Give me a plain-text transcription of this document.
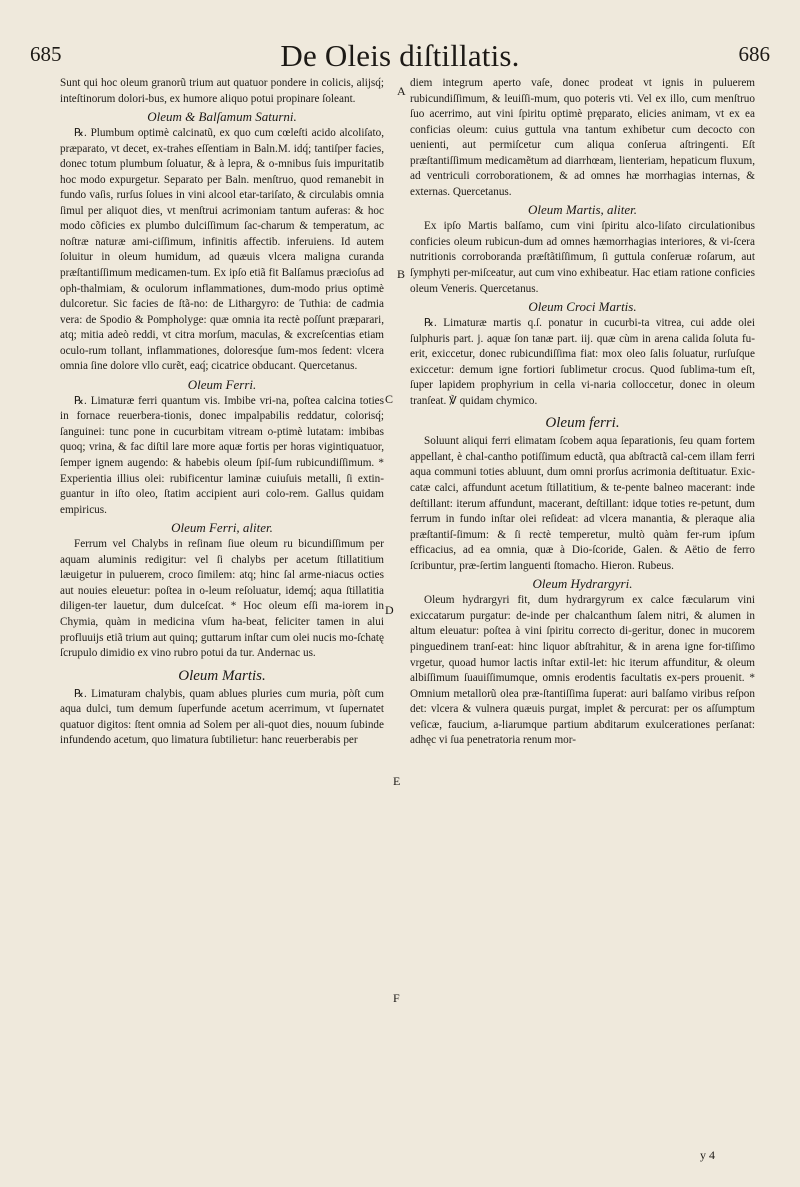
685	De Oleis diſtillatis.	686

Sunt qui hoc oleum granorũ trium aut quatuor pondere in colicis, alijsq́; inteſtinorum dolori-bus, ex humore aliquo potui propinare ſoleant.

Oleum & Balſamum Saturni.

℞. Plumbum optimè calcinatũ, ex quo cum cœleſti acido alcoliſato, præparato, vt decet, ex-trahes eſſentiam in Baln.M. idq́; tantiſper facies, donec totum plumbum ſoluatur, & à lepra, & o-mnibus ſuis impuritatib hoc modo expurgetur. Separato per Baln. menſtruo, quod remanebit in fundo vaſis, rurſus ſolues in vini alcool etar-tariſato, & circulabis omnia ſimul per aliquot dies, vt menſtrui acrimoniam tantum auferas: & hoc modo cõficies ex plumbo dulciſſimum ſac-charum & temperatum, ac noſtræ naturæ ami-ciſſimum, infinitis affectib. inferuiens. Id autem ſoluitur in oleum humidum, ad quæuis vlcera maligna curanda præſtantiſſimum medicamen-tum. Ex ipſo etiã fit Balſamus præcioſus ad oph-thalmiam, & oculorum inflammationes, dum-modo prius optimè dulcoretur. Sic facies de ſtã-no: de Lithargyro: de Tuthia: de cadmia vera: de Spodio & Pompholyge: quæ omnia ita rectè poſſunt præparari, atq; mitia adeò reddi, vt citra morſum, maculas, & excreſcentias etiam oculo-rum tollant, inflammationes, doloresq́ue ſum-mos ſedent: vlcera omnia ſine dolore vllo curẽt, eaq́; cicatrice obducant. Quercetanus.

Oleum Ferri.

℞. Limaturæ ferri quantum vis. Imbibe vri-na, poſtea calcina toties in fornace reuerbera-tionis, donec impalpabilis reddatur, colorisq́; ſanguinei: tunc pone in cucurbitam vitream o-ptimè lutatam: imbibas quoq; vrina, & fac diſtil lare more aquæ fortis per horas vigintiquatuor, ſemper ignem augendo: & habebis oleum ſpiſ-ſum rubicundiſſimum. * Experientia illius olei: rubificentur laminæ cuiuſuis metalli, ſi extin-guantur in iſto oleo, ſtatim accipient auri colo-rem. Gallus quidam empiricus.

Oleum Ferri, aliter.

Ferrum vel Chalybs in reſinam ſiue oleum ru bicundiſſimum per aquam aluminis redigitur: vel ſi chalybs per acetum ſtillatitium læuigetur in puluerem, croco ſimilem: atq; hinc ſal arme-niacus octies aut nouies eleuetur: poſtea in o-leum reſoluatur, idemq́; aqua ſtillatitia diligen-ter lauetur, dum dulceſcat. * Hoc oleum eſſi ma-iorem in Chymia, quàm in medicina vſum ha-beat, feliciter tamen in alui profluuijs etiã trium aut quinq; guttarum inſtar cum olei nucis mo-ſchatę ſcrupulo dimidio ex vino rubro potui da tur. Andernac us.

Oleum Martis.

℞. Limaturam chalybis, quam ablues pluries cum muria, pòſt cum aqua dulci, tum demum ſuperfunde acetum acerrimum, vt ſupernatet quatuor digitos: ſtent omnia ad Solem per ali-quot dies, nouum ſubinde infundendo acetum, quo limatura ſubtilietur: hanc reuerberabis per

diem integrum aperto vaſe, donec prodeat vt ignis in puluerem rubicundiſſimum, & leuiſſi-mum, quo poteris vti. Vel ex illo, cum menſtruo ſuo acerrimo, aut vini ſpiritu optimè pręparato, elicies animam, vt ex ea conficias oleum: cuius guttula vna tantum exhibetur cum decocto con uenienti, aut permiſcetur cum aliqua conſerua aſtringenti. Eſt præſtantiſſimum medicamẽtum ad diarrhœam, lienteriam, hepaticum fluxum, ad ventriculi corroborationem, & ad omnes hæ morrhagias internas, & externas. Quercetanus.

Oleum Martis, aliter.

Ex ipſo Martis balſamo, cum vini ſpiritu alco-liſato circulationibus conficies oleum rubicun-dum ad omnes hæmorrhagias interiores, & vi-ſcera nutritionis corroboranda præſtãtiſſimum, ſi guttula conſeruæ roſarum, aut ſymphyti per-miſceatur, aut cum vino exhibeatur. Hac etiam ratione conficies oleum Veneris. Quercetanus.

Oleum Croci Martis.

℞. Limaturæ martis q.ſ. ponatur in cucurbi-ta vitrea, cui adde olei ſulphuris part. j. aquæ ſon tanæ part. iij. quæ cùm in arena calida ſoluta fu-erit, exiccetur, donec rubicundiſſima fiat: mox oleo ſalis ſoluatur, rurſuſque exiccetur: demum igne fortiori ſublimetur crocus. Quod ſublima-tum eſt, ſuper lapidem prophyrium in cella vi-naria colloccetur, donec in oleum tranſeat. ℣ quidam chymico.

Oleum ferri.

Soluunt aliqui ferri elimatam ſcobem aqua ſeparationis, ſeu quam fortem appellant, è chal-cantho potiſſimum eductã, qua abſtractã cal-cem illam ferri aqua communi toties abluunt, dum omni prorſus acrimonia deſtituatur. Exic-catæ calci, affundunt acetum ſtillatitium, & te-pente balneo macerant: inde deſtillant: iterum affundunt, macerant, deſtillant: idque toties re-petunt, dum ferrum in fundo inſtar olei reſideat: ad vlcera manantia, & pleraque alia præſtantiſ-ſimum: & ſi rectè temperetur, multò quàm fer-rum ipſum efficacius, ad ea omnia, quæ à Dio-ſcoride, Galen. & Aëtio de ferro ſcribuntur, præ-ſertim languenti ſtomacho. Hieron. Rubeus.

Oleum Hydrargyri.

Oleum hydrargyri fit, dum hydrargyrum ex calce fæcularum vini exiccatarum purgatur: de-inde per chalcanthum ſalem nitri, & alumen in altum eleuatur: poſtea à vini ſpiritu correcto di-geritur, donec in mucorem pinguedinem tranſ-eat: hinc liquor abſtrahitur, & in arena igne for-tiſſimo vrgetur, quoad humor lactis inſtar extil-let: hic iterum affunditur, & oleum albiſſimum ſuauiſſimumque, omnis erodentis facultatis ex-pers prouenit. * Omnium metallorũ olea præ-ſtantiſſima ſuperat: auri balſamo viribus reſpon det: vlcera & vulnera quæuis purgat, implet & percurat: per os aſſumptum veſicæ, faucium, a-liarumque partium abditarum exulcerationes perſanat: adhęc vi ſua penetratoria renum mor-

A
B
C
D
E
F
y 4
